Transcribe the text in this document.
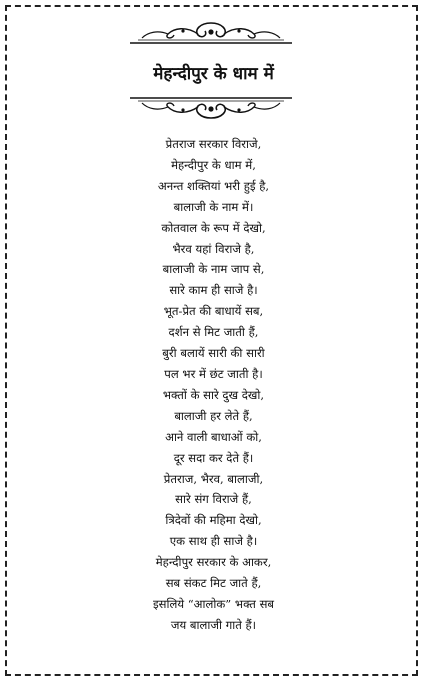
मेहन्दीपुर के धाम में
प्रेतराज सरकार विराजे,
मेहन्दीपुर के धाम में,
अनन्त शक्तियां भरी हुई है,
बालाजी के नाम में।
कोतवाल के रूप में देखो,
भैरव यहां विराजे है,
बालाजी के नाम जाप से,
सारे काम ही साजे है।
भूत-प्रेत की बाधायें सब,
दर्शन से मिट जाती हैं,
बुरी बलायें सारी की सारी
पल भर में छंट जाती है।
भक्तों के सारे दुख देखो,
बालाजी हर लेते हैं,
आने वाली बाधाओं को,
दूर सदा कर देते हैं।
प्रेतराज, भैरव, बालाजी,
सारे संग विराजे हैं,
त्रिदेवों की महिमा देखो,
एक साथ ही साजे है।
मेहन्दीपुर सरकार के आकर,
सब संकट मिट जाते हैं,
इसलिये “आलोक” भक्त सब
जय बालाजी गाते हैं।
